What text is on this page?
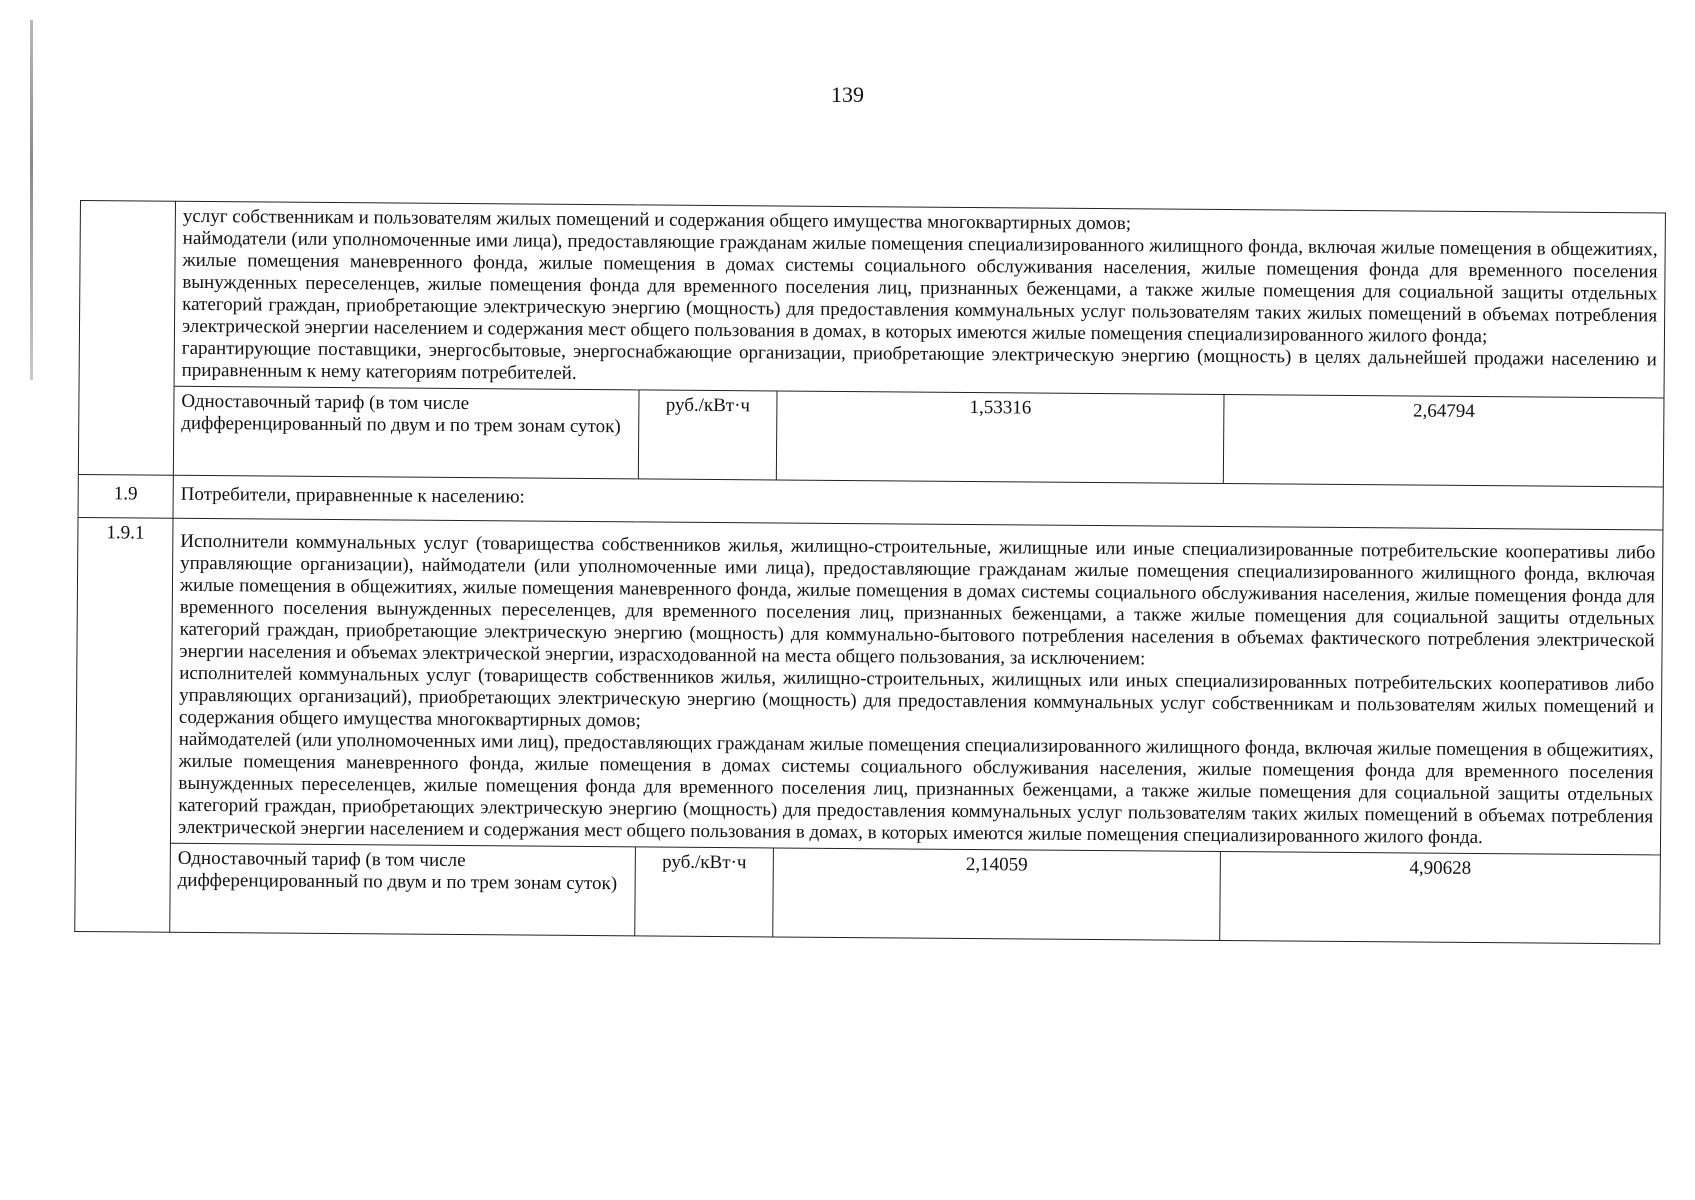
139

	услуг собственникам и пользователям жилых помещений и содержания общего имущества многоквартирных домов;

наймодатели (или уполномоченные ими лица), предоставляющие гражданам жилые помещения специализированного жилищного фонда, включая жилые помещения в общежитиях, жилые помещения маневренного фонда, жилые помещения в домах системы социального обслуживания населения, жилые помещения фонда для временного поселения вынужденных переселенцев, жилые помещения фонда для временного поселения лиц, признанных беженцами, а также жилые помещения для социальной защиты отдельных категорий граждан, приобретающие электрическую энергию (мощность) для предоставления коммунальных услуг пользователям таких жилых помещений в объемах потребления электрической энергии населением и содержания мест общего пользования в домах, в которых имеются жилые помещения специализированного жилого фонда;

гарантирующие поставщики, энергосбытовые, энергоснабжающие организации, приобретающие электрическую энергию (мощность) в целях дальнейшей продажи населению и приравненным к нему категориям потребителей.			

	Одноставочный тариф (в том числе дифференцированный по двум и по трем зонам суток)	руб./кВт·ч	1,53316	2,64794
1.9	Потребители, приравненные к населению:			
1.9.1	Исполнители коммунальных услуг (товарищества собственников жилья, жилищно-строительные, жилищные или иные специализированные потребительские кооперативы либо управляющие организации), наймодатели (или уполномоченные ими лица), предоставляющие гражданам жилые помещения специализированного жилищного фонда, включая жилые помещения в общежитиях, жилые помещения маневренного фонда, жилые помещения в домах системы социального обслуживания населения, жилые помещения фонда для временного поселения вынужденных переселенцев, для временного поселения лиц, признанных беженцами, а также жилые помещения для социальной защиты отдельных категорий граждан, приобретающие электрическую энергию (мощность) для коммунально-бытового потребления населения в объемах фактического потребления электрической энергии населения и объемах электрической энергии, израсходованной на места общего пользования, за исключением:

исполнителей коммунальных услуг (товариществ собственников жилья, жилищно-строительных, жилищных или иных специализированных потребительских кооперативов либо управляющих организаций), приобретающих электрическую энергию (мощность) для предоставления коммунальных услуг собственникам и пользователям жилых помещений и содержания общего имущества многоквартирных домов;

наймодателей (или уполномоченных ими лиц), предоставляющих гражданам жилые помещения специализированного жилищного фонда, включая жилые помещения в общежитиях, жилые помещения маневренного фонда, жилые помещения в домах системы социального обслуживания населения, жилые помещения фонда для временного поселения вынужденных переселенцев, жилые помещения фонда для временного поселения лиц, признанных беженцами, а также жилые помещения для социальной защиты отдельных категорий граждан, приобретающих электрическую энергию (мощность) для предоставления коммунальных услуг пользователям таких жилых помещений в объемах потребления электрической энергии населением и содержания мест общего пользования в домах, в которых имеются жилые помещения специализированного жилого фонда.			

	Одноставочный тариф (в том числе дифференцированный по двум и по трем зонам суток)	руб./кВт·ч	2,14059	4,90628
